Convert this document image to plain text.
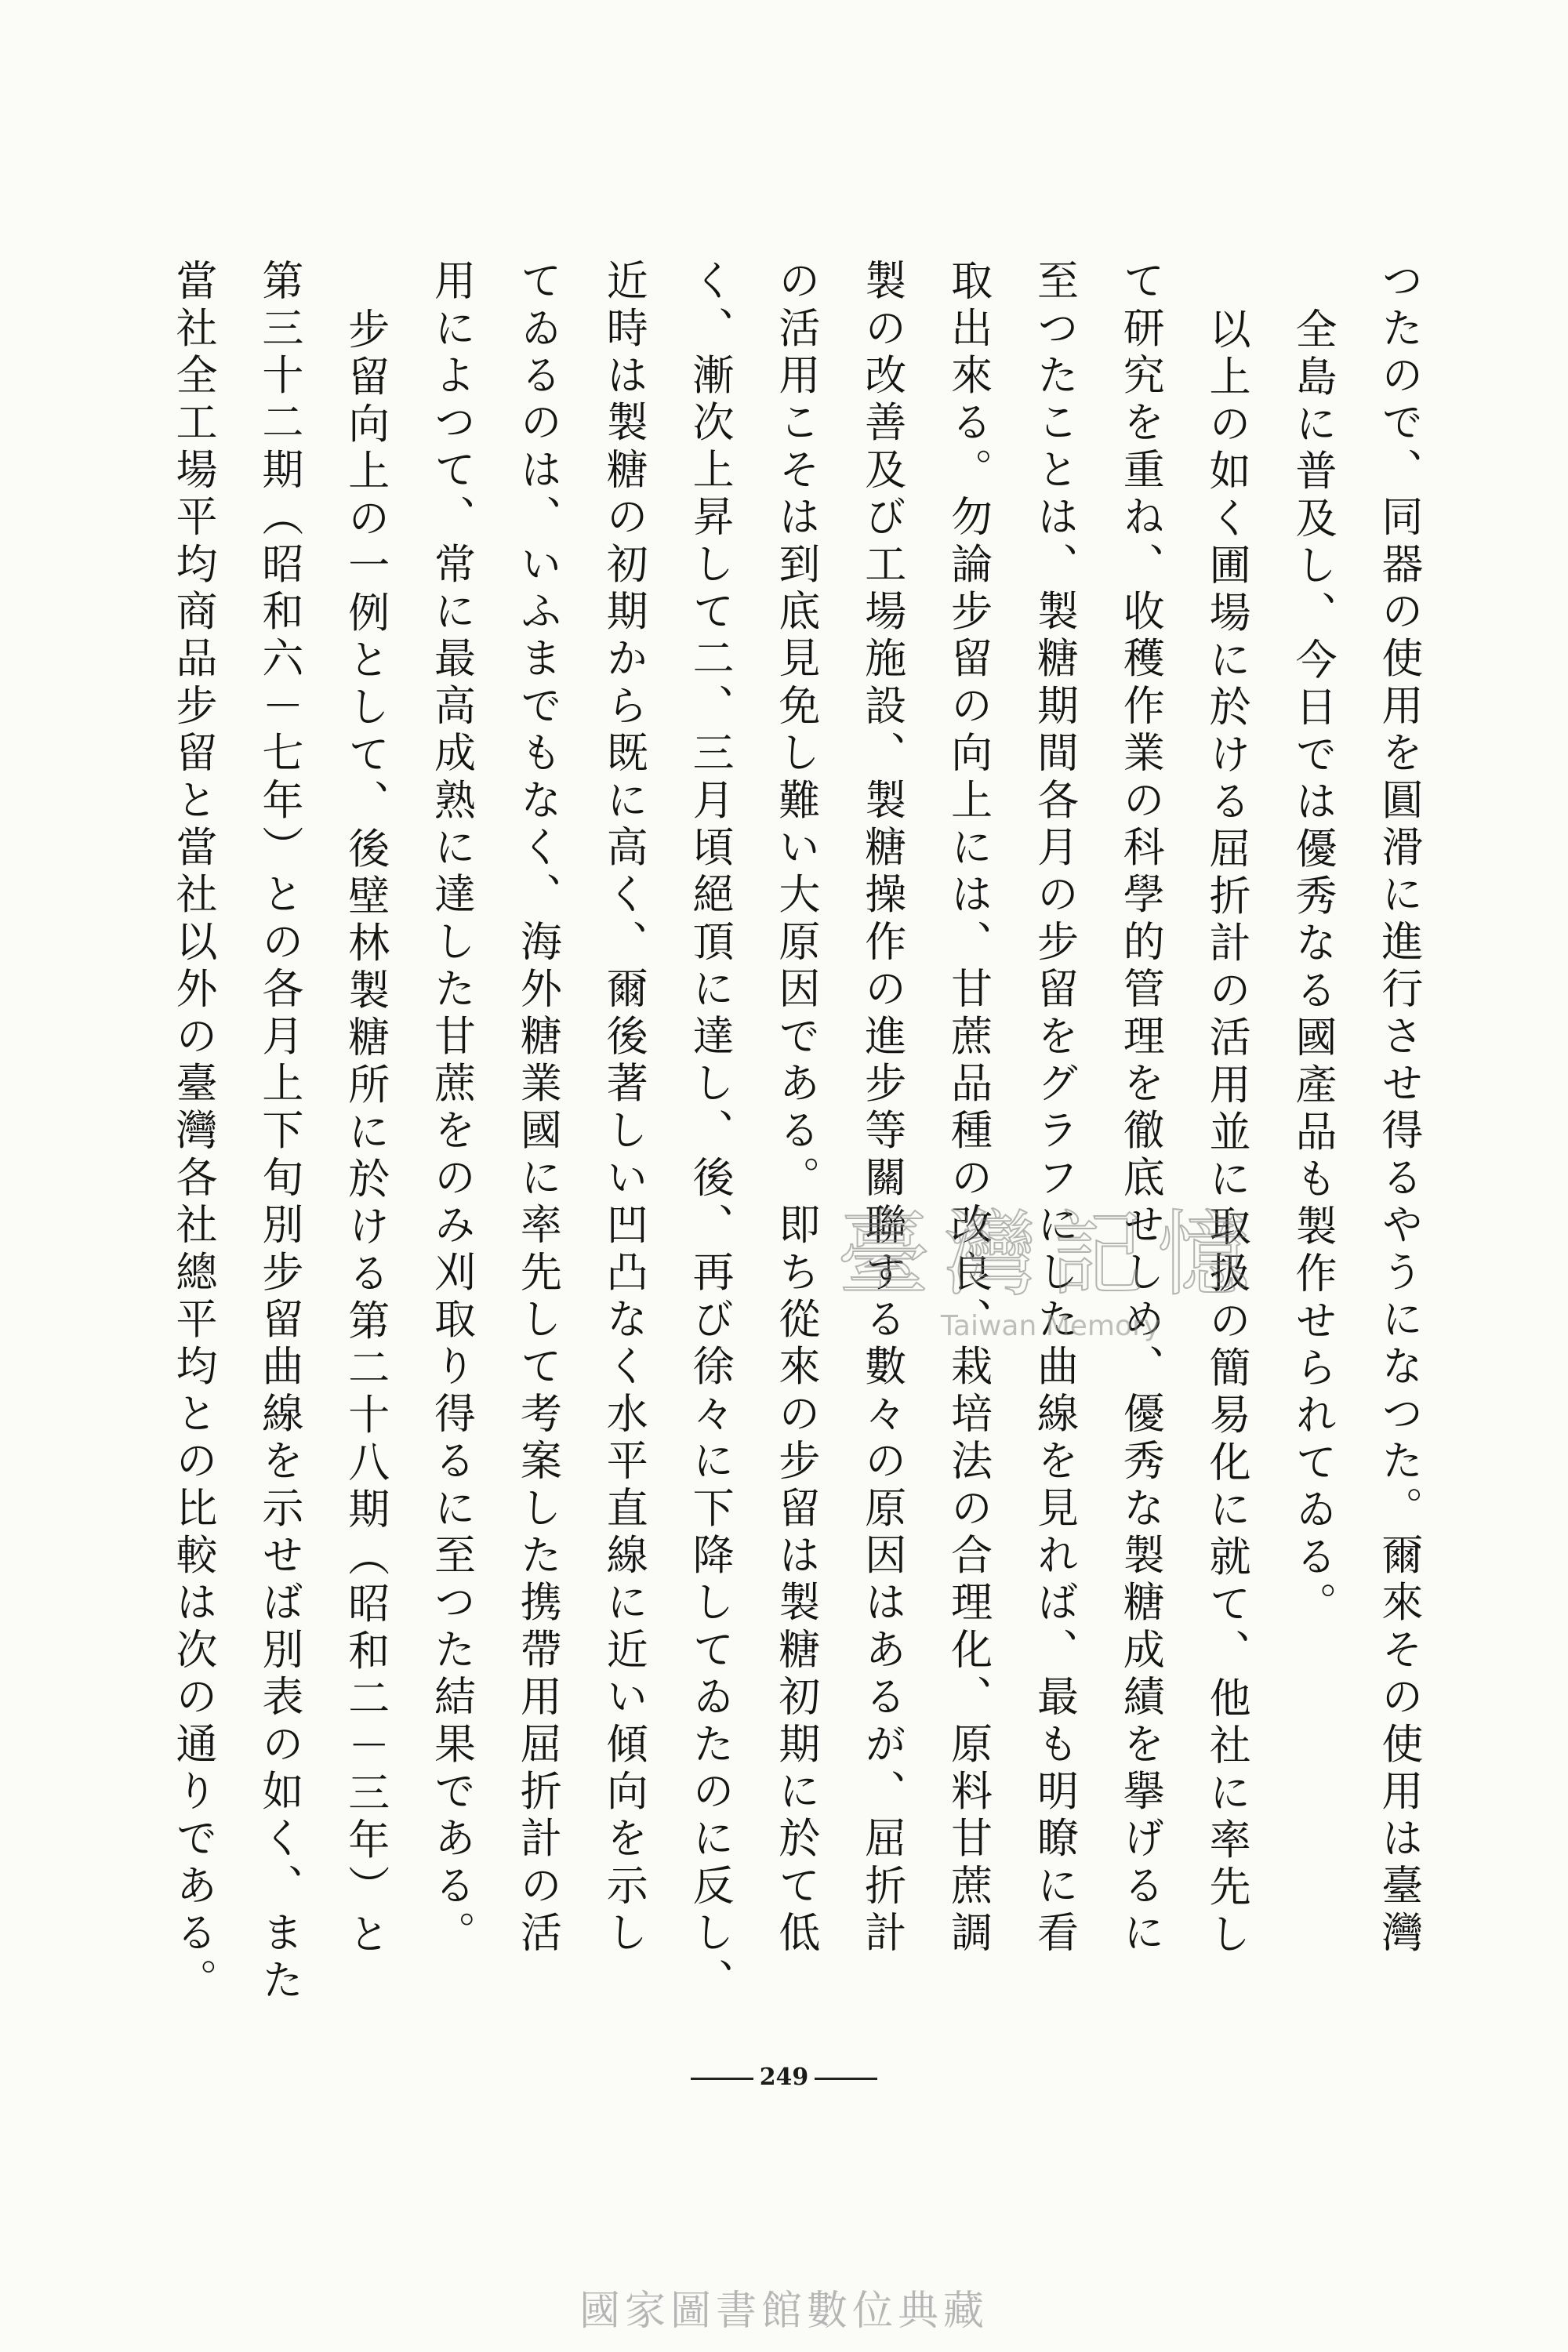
つたので、同器の使用を圓滑に進行させ得るやうになつた。爾來その使用は臺灣
全島に普及し、今日では優秀なる國產品も製作せられてゐる。
以上の如く圃場に於ける屈折計の活用並に取扱の簡易化に就て、他社に率先し
て研究を重ね、收穫作業の科學的管理を徹底せしめ、優秀な製糖成績を擧げるに
至つたことは、製糖期間各月の步留をグラフにした曲線を見れば、最も明瞭に看
取出來る。勿論步留の向上には、甘蔗品種の改良、栽培法の合理化、原料甘蔗調
製の改善及び工場施設、製糖操作の進步等關聯する數々の原因はあるが、屈折計
の活用こそは到底見免し難い大原因である。即ち從來の步留は製糖初期に於て低
く、漸次上昇して二、三月頃絕頂に達し、後、再び徐々に下降してゐたのに反し、
近時は製糖の初期から既に高く、爾後著しい凹凸なく水平直線に近い傾向を示し
てゐるのは、いふまでもなく、海外糖業國に率先して考案した携帶用屈折計の活
用によつて、常に最高成熟に達した甘蔗をのみ刈取り得るに至つた結果である。
步留向上の一例として、後壁林製糖所に於ける第二十八期（昭和二－三年）と
第三十二期（昭和六－七年）との各月上下旬別步留曲線を示せば別表の如く、また
當社全工場平均商品步留と當社以外の臺灣各社總平均との比較は次の通りである。	臺灣記憶
Taiwan Memory
249
國家圖書館數位典藏
